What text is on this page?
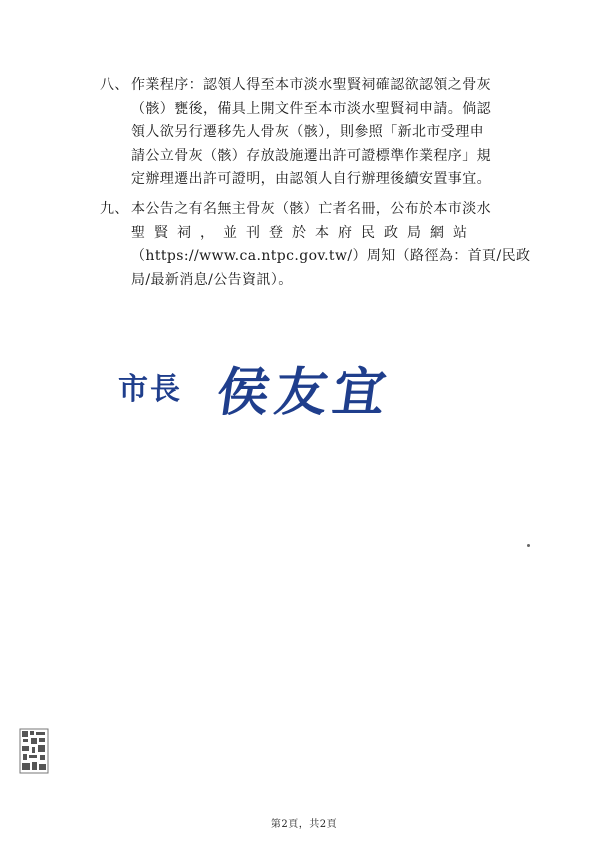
八、 作業程序：認領人得至本市淡水聖賢祠確認欲認領之骨灰

（骸）甕後，備具上開文件至本市淡水聖賢祠申請。倘認

領人欲另行遷移先人骨灰（骸），則參照「新北市受理申

請公立骨灰（骸）存放設施遷出許可證標準作業程序」規

定辦理遷出許可證明，由認領人自行辦理後續安置事宜。

九、 本公告之有名無主骨灰（骸）亡者名冊，公布於本市淡水

聖賢祠，並刊登於本府民政局網站

（https://www.ca.ntpc.gov.tw/）周知（路徑為：首頁/民政

局/最新消息/公告資訊）。

市長 侯友宜
第2頁，共2頁
